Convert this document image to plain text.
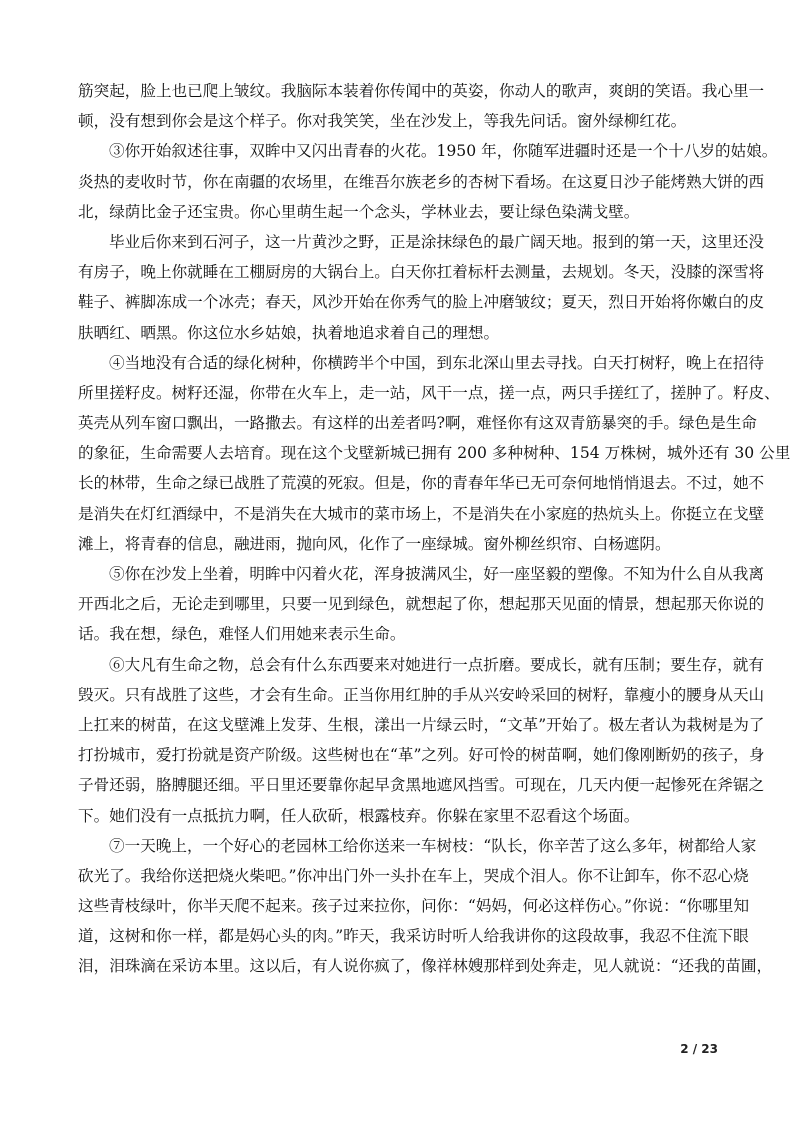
筋突起，脸上也已爬上皱纹。我脑际本装着你传闻中的英姿，你动人的歌声，爽朗的笑语。我心里一
顿，没有想到你会是这个样子。你对我笑笑，坐在沙发上，等我先问话。窗外绿柳红花。
③你开始叙述往事，双眸中又闪出青春的火花。1950 年，你随军进疆时还是一个十八岁的姑娘。
炎热的麦收时节，你在南疆的农场里，在维吾尔族老乡的杏树下看场。在这夏日沙子能烤熟大饼的西
北，绿荫比金子还宝贵。你心里萌生起一个念头，学林业去，要让绿色染满戈壁。
毕业后你来到石河子，这一片黄沙之野，正是涂抹绿色的最广阔天地。报到的第一天，这里还没
有房子，晚上你就睡在工棚厨房的大锅台上。白天你扛着标杆去测量，去规划。冬天，没膝的深雪将
鞋子、裤脚冻成一个冰壳；春天，风沙开始在你秀气的脸上冲磨皱纹；夏天，烈日开始将你嫩白的皮
肤晒红、晒黑。你这位水乡姑娘，执着地追求着自己的理想。
④当地没有合适的绿化树种，你横跨半个中国，到东北深山里去寻找。白天打树籽，晚上在招待
所里搓籽皮。树籽还湿，你带在火车上，走一站，风干一点，搓一点，两只手搓红了，搓肿了。籽皮、
英壳从列车窗口飘出，一路撒去。有这样的出差者吗?啊，难怪你有这双青筋暴突的手。绿色是生命
的象征，生命需要人去培育。现在这个戈壁新城已拥有 200 多种树种、154 万株树，城外还有 30 公里
长的林带，生命之绿已战胜了荒漠的死寂。但是，你的青春年华已无可奈何地悄悄退去。不过，她不
是消失在灯红酒绿中，不是消失在大城市的菜市场上，不是消失在小家庭的热炕头上。你挺立在戈壁
滩上，将青春的信息，融进雨，抛向风，化作了一座绿城。窗外柳丝织帘、白杨遮阴。
⑤你在沙发上坐着，明眸中闪着火花，浑身披满风尘，好一座坚毅的塑像。不知为什么自从我离
开西北之后，无论走到哪里，只要一见到绿色，就想起了你，想起那天见面的情景，想起那天你说的
话。我在想，绿色，难怪人们用她来表示生命。
⑥大凡有生命之物，总会有什么东西要来对她进行一点折磨。要成长，就有压制；要生存，就有
毁灭。只有战胜了这些，才会有生命。正当你用红肿的手从兴安岭采回的树籽，靠瘦小的腰身从天山
上扛来的树苗，在这戈壁滩上发芽、生根，漾出一片绿云时，“文革”开始了。极左者认为栽树是为了
打扮城市，爱打扮就是资产阶级。这些树也在“革”之列。好可怜的树苗啊，她们像刚断奶的孩子，身
子骨还弱，胳膊腿还细。平日里还要靠你起早贪黑地遮风挡雪。可现在，几天内便一起惨死在斧锯之
下。她们没有一点抵抗力啊，任人砍斫，根露枝弃。你躲在家里不忍看这个场面。
⑦一天晚上，一个好心的老园林工给你送来一车树枝：“队长，你辛苦了这么多年，树都给人家
砍光了。我给你送把烧火柴吧。”你冲出门外一头扑在车上，哭成个泪人。你不让卸车，你不忍心烧
这些青枝绿叶，你半天爬不起来。孩子过来拉你，问你：“妈妈，何必这样伤心。”你说：“你哪里知
道，这树和你一样，都是妈心头的肉。”昨天，我采访时听人给我讲你的这段故事，我忍不住流下眼
泪，泪珠滴在采访本里。这以后，有人说你疯了，像祥林嫂那样到处奔走，见人就说：“还我的苗圃，
2 / 23
